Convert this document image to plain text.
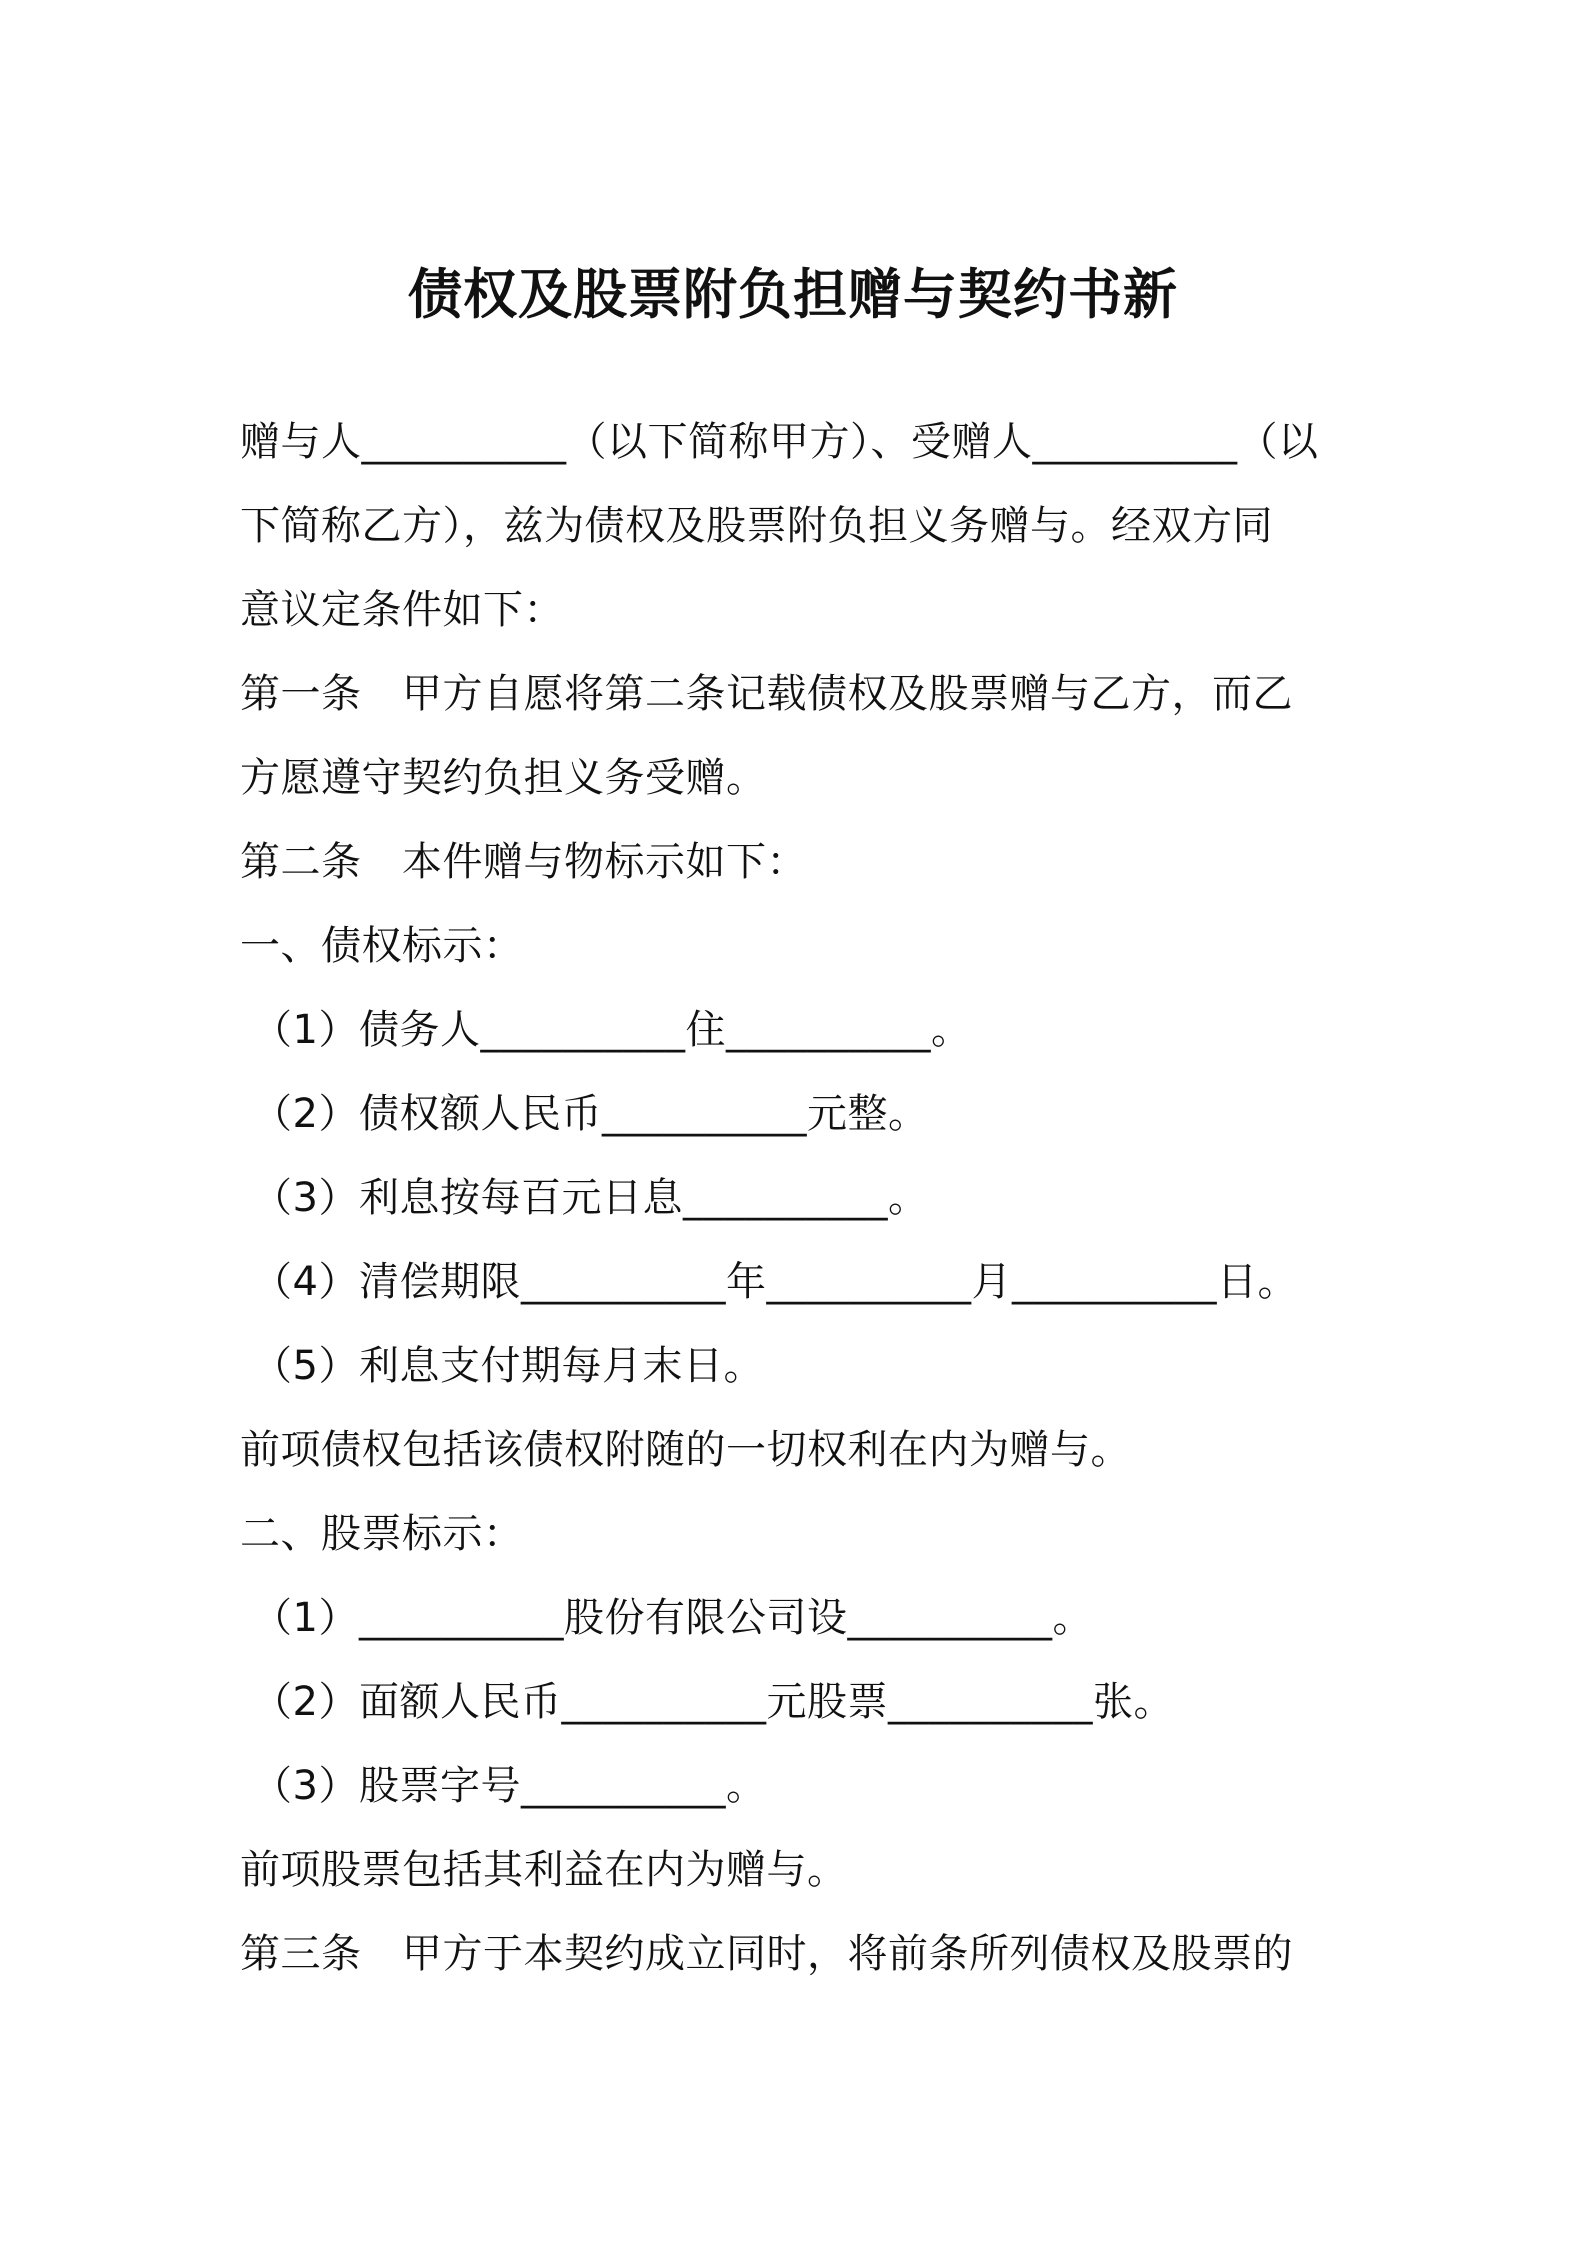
债权及股票附负担赠与契约书新
赠与人__________（以下简称甲方）、受赠人__________（以
下简称乙方），兹为债权及股票附负担义务赠与。经双方同
意议定条件如下：
第一条　甲方自愿将第二条记载债权及股票赠与乙方，而乙
方愿遵守契约负担义务受赠。
第二条　本件赠与物标示如下：
一、债权标示：
（1）债务人__________住__________。
（2）债权额人民币__________元整。
（3）利息按每百元日息__________。
（4）清偿期限__________年__________月__________日。
（5）利息支付期每月末日。
前项债权包括该债权附随的一切权利在内为赠与。
二、股票标示：
（1）__________股份有限公司设__________。
（2）面额人民币__________元股票__________张。
（3）股票字号__________。
前项股票包括其利益在内为赠与。
第三条　甲方于本契约成立同时，将前条所列债权及股票的
